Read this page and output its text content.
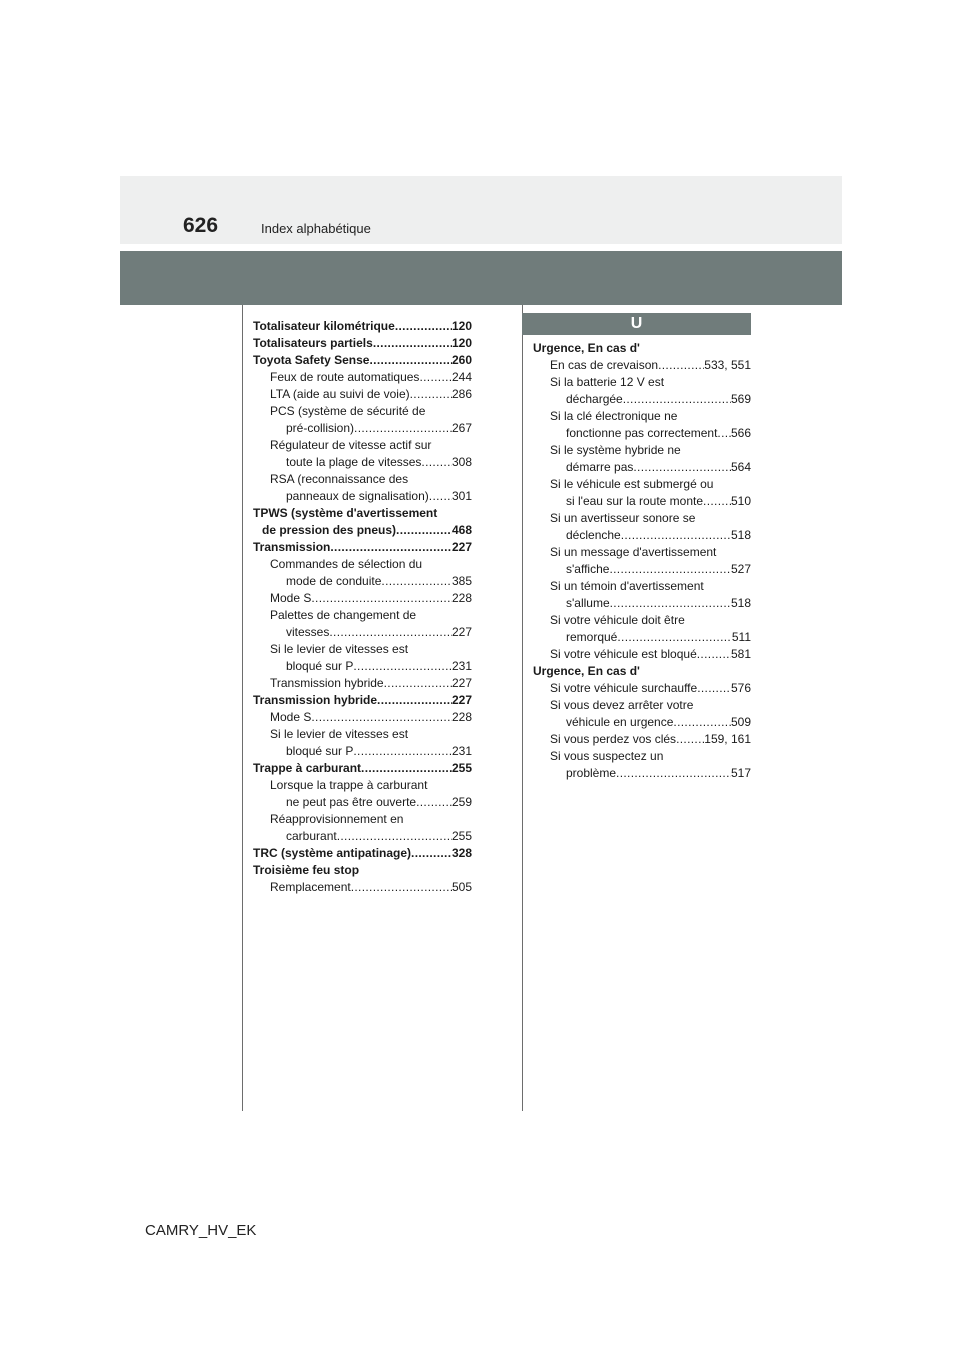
626	Index alphabétique
U
Totalisateur kilométrique . . .	120
Totalisateurs partiels . . .	120
Toyota Safety Sense . . .	260
Feux de route automatiques . . .	244
LTA (aide au suivi de voie) . . .	286
PCS (système de sécurité de
pré-collision) . . .	267
Régulateur de vitesse actif sur
toute la plage de vitesses . . .	308
RSA (reconnaissance des
panneaux de signalisation) . . . 301
TPWS (système d'avertissement
de pression des pneus) . . .	468
Transmission . . .	227
Commandes de sélection du
mode de conduite . . .	385
Mode S . . .	228
Palettes de changement de
vitesses . . .	227
Si le levier de vitesses est
bloqué sur P . . .	231
Transmission hybride . . .	227
Transmission hybride . . .	227
Mode S . . .	228
Si le levier de vitesses est
bloqué sur P . . .	231
Trappe à carburant . . .	255
Lorsque la trappe à carburant
ne peut pas être ouverte . . .	259
Réapprovisionnement en
carburant . . .	255
TRC (système antipatinage) . . .	328
Troisième feu stop
Remplacement . . .	505
Urgence, En cas d'
En cas de crevaison . . .	533, 551
Si la batterie 12 V est
déchargée . . .	569
Si la clé électronique ne
fonctionne pas correctement . . . 566
Si le système hybride ne
démarre pas . . .	564
Si le véhicule est submergé ou
si l'eau sur la route monte . . . 510
Si un avertisseur sonore se
déclenche . . .	518
Si un message d'avertissement
s'affiche . . .	527
Si un témoin d'avertissement
s'allume . . .	518
Si votre véhicule doit être
remorqué . . .	511
Si votre véhicule est bloqué . . .	581
Urgence, En cas d'
Si votre véhicule surchauffe . . .	576
Si vous devez arrêter votre
véhicule en urgence . . .	509
Si vous perdez vos clés . . . 159, 161
Si vous suspectez un
problème . . .	517
CAMRY_HV_EK
